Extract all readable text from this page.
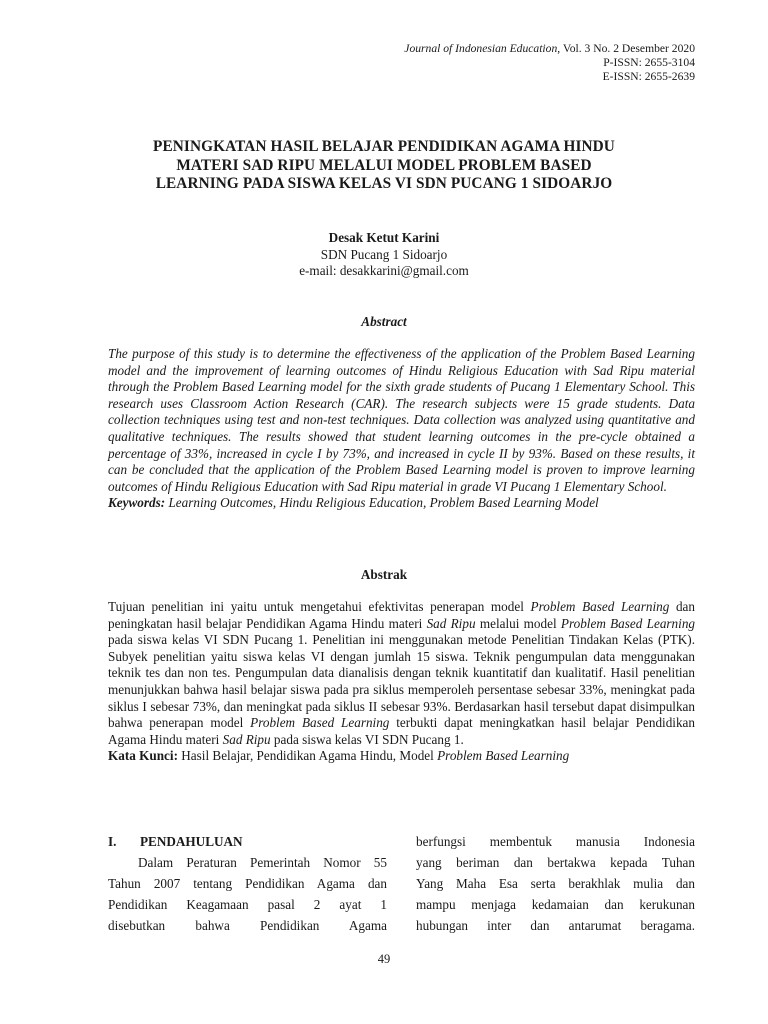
Journal of Indonesian Education, Vol. 3 No. 2 Desember 2020
P-ISSN: 2655-3104
E-ISSN: 2655-2639
PENINGKATAN HASIL BELAJAR PENDIDIKAN AGAMA HINDU
MATERI SAD RIPU MELALUI MODEL PROBLEM BASED
LEARNING PADA SISWA KELAS VI SDN PUCANG 1 SIDOARJO
Desak Ketut Karini
SDN Pucang 1 Sidoarjo
e-mail: desakkarini@gmail.com
Abstract
The purpose of this study is to determine the effectiveness of the application of the Problem Based Learning model and the improvement of learning outcomes of Hindu Religious Education with Sad Ripu material through the Problem Based Learning model for the sixth grade students of Pucang 1 Elementary School. This research uses Classroom Action Research (CAR). The research subjects were 15 grade students. Data collection techniques using test and non-test techniques. Data collection was analyzed using quantitative and qualitative techniques. The results showed that student learning outcomes in the pre-cycle obtained a percentage of 33%, increased in cycle I by 73%, and increased in cycle II by 93%. Based on these results, it can be concluded that the application of the Problem Based Learning model is proven to improve learning outcomes of Hindu Religious Education with Sad Ripu material in grade VI Pucang 1 Elementary School.
Keywords: Learning Outcomes, Hindu Religious Education, Problem Based Learning Model
Abstrak
Tujuan penelitian ini yaitu untuk mengetahui efektivitas penerapan model Problem Based Learning dan peningkatan hasil belajar Pendidikan Agama Hindu materi Sad Ripu melalui model Problem Based Learning pada siswa kelas VI SDN Pucang 1. Penelitian ini menggunakan metode Penelitian Tindakan Kelas (PTK). Subyek penelitian yaitu siswa kelas VI dengan jumlah 15 siswa. Teknik pengumpulan data menggunakan teknik tes dan non tes. Pengumpulan data dianalisis dengan teknik kuantitatif dan kualitatif. Hasil penelitian menunjukkan bahwa hasil belajar siswa pada pra siklus memperoleh persentase sebesar 33%, meningkat pada siklus I sebesar 73%, dan meningkat pada siklus II sebesar 93%. Berdasarkan hasil tersebut dapat disimpulkan bahwa penerapan model Problem Based Learning terbukti dapat meningkatkan hasil belajar Pendidikan Agama Hindu materi Sad Ripu pada siswa kelas VI SDN Pucang 1.
Kata Kunci: Hasil Belajar, Pendidikan Agama Hindu, Model Problem Based Learning
I.	PENDAHULUAN
Dalam Peraturan Pemerintah Nomor 55
Tahun 2007 tentang Pendidikan Agama dan
Pendidikan Keagamaan pasal 2 ayat 1
disebutkan bahwa Pendidikan Agama
berfungsi membentuk manusia Indonesia
yang beriman dan bertakwa kepada Tuhan
Yang Maha Esa serta berakhlak mulia dan
mampu menjaga kedamaian dan kerukunan
hubungan inter dan antarumat beragama.
49
